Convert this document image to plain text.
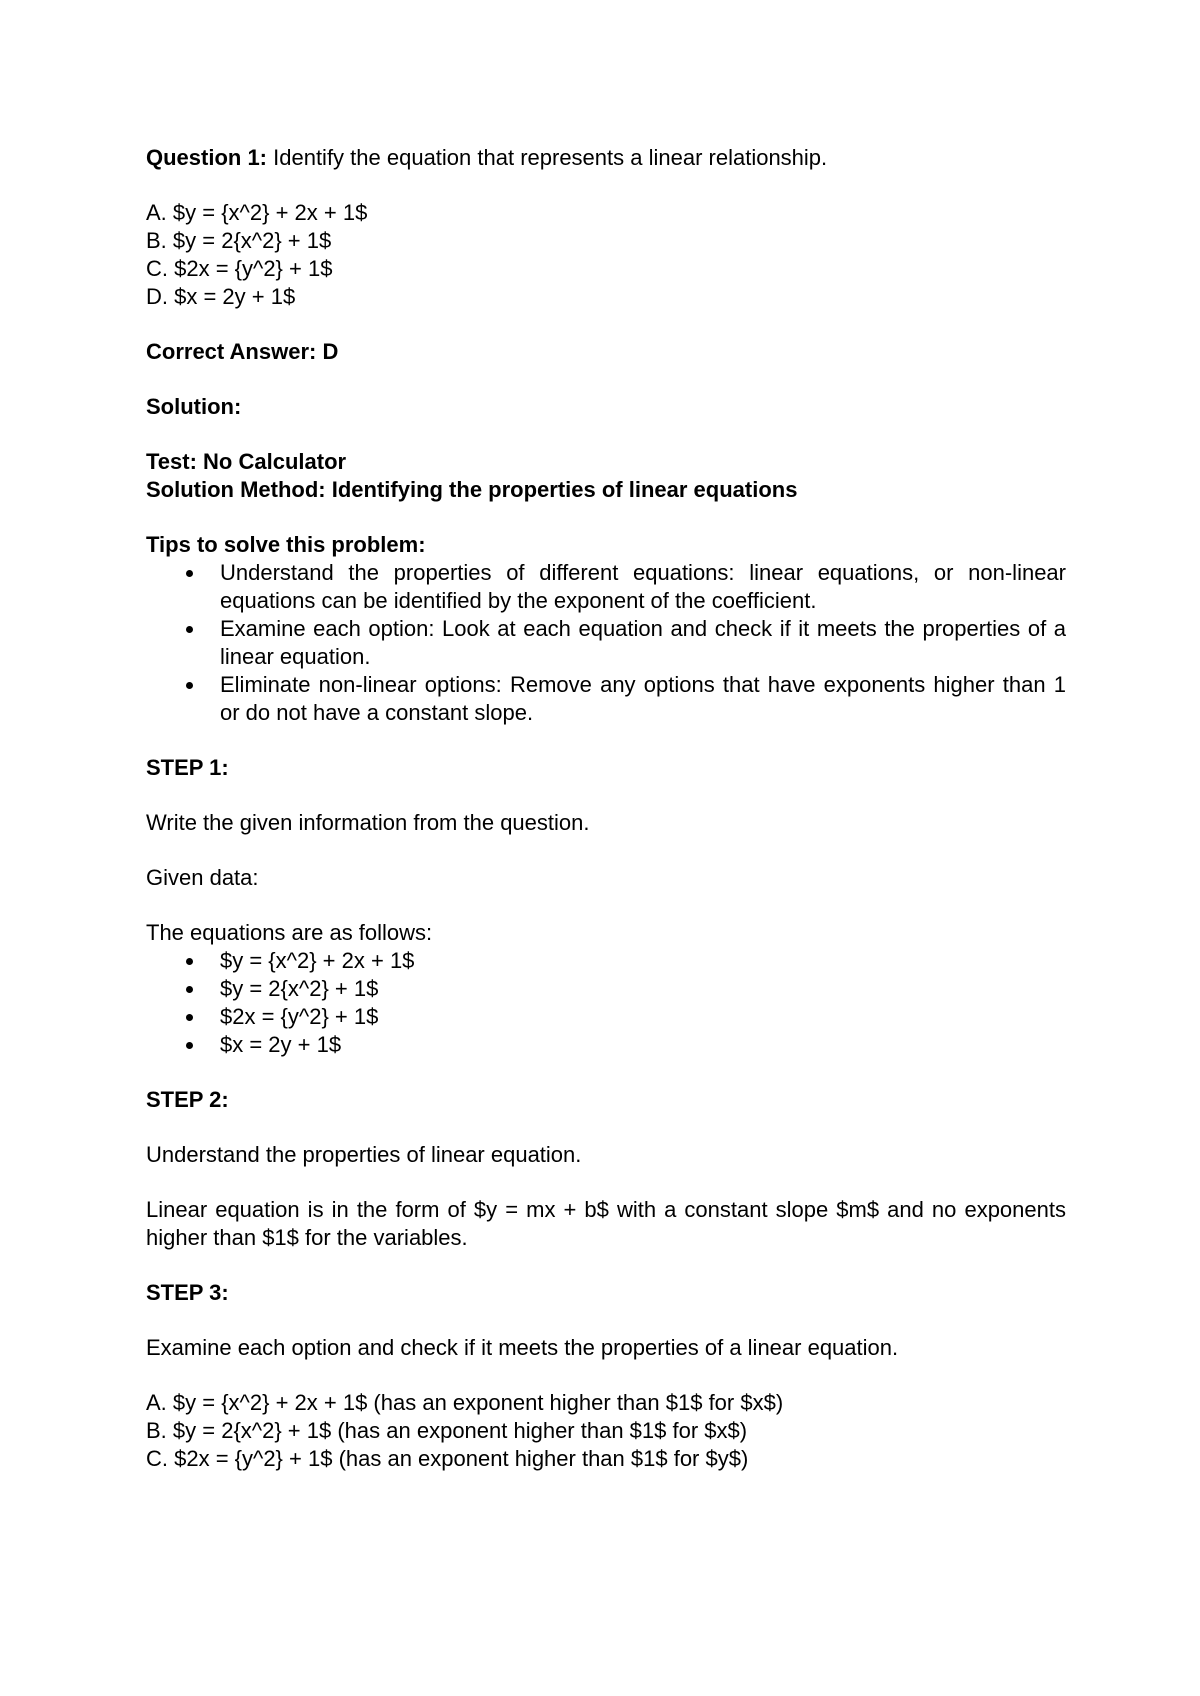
Question 1: Identify the equation that represents a linear relationship.

A. $y = {x^2} + 2x + 1$

B. $y = 2{x^2} + 1$

C. $2x = {y^2} + 1$

D. $x = 2y + 1$

Correct Answer: D

Solution:

Test: No Calculator

Solution Method: Identifying the properties of linear equations

Tips to solve this problem:

Understand the properties of different equations: linear equations, or non-linear equations can be identified by the exponent of the coefficient.
Examine each option: Look at each equation and check if it meets the properties of a linear equation.
Eliminate non-linear options: Remove any options that have exponents higher than 1 or do not have a constant slope.

STEP 1:

Write the given information from the question.

Given data:

The equations are as follows:

$y = {x^2} + 2x + 1$
$y = 2{x^2} + 1$
$2x = {y^2} + 1$
$x = 2y + 1$

STEP 2:

Understand the properties of linear equation.

Linear equation is in the form of $y = mx + b$ with a constant slope $m$ and no exponents higher than $1$ for the variables.

STEP 3:

Examine each option and check if it meets the properties of a linear equation.

A. $y = {x^2} + 2x + 1$ (has an exponent higher than $1$ for $x$)

B. $y = 2{x^2} + 1$ (has an exponent higher than $1$ for $x$)

C. $2x = {y^2} + 1$ (has an exponent higher than $1$ for $y$)
